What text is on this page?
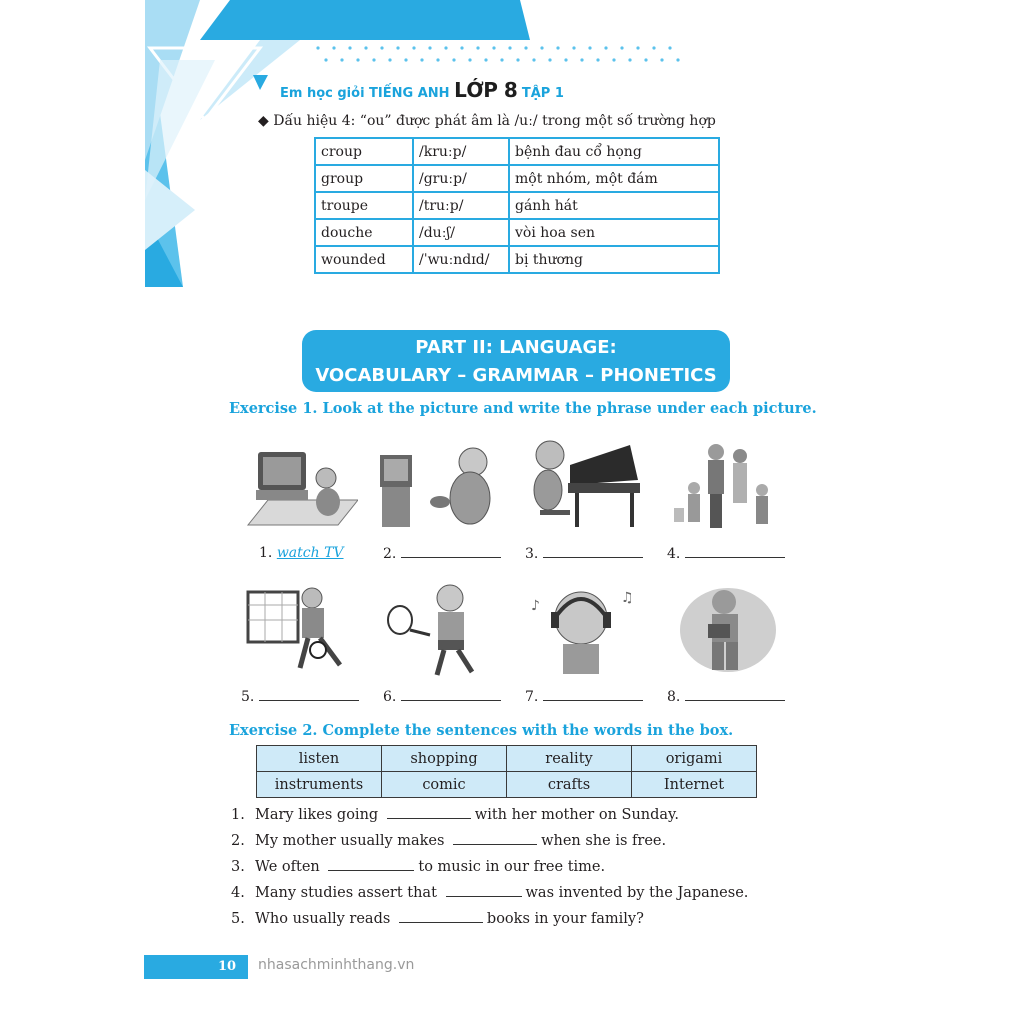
Em học giỏi TIẾNG ANH LỚP 8 TẬP 1
◆ Dấu hiệu 4: “ou” được phát âm là /uː/ trong một số trường hợp
croup	/kruːp/	bệnh đau cổ họng
group	/gruːp/	một nhóm, một đám
troupe	/truːp/	gánh hát
douche	/duːʃ/	vòi hoa sen
wounded	/ˈwuːndɪd/	bị thương
PART II: LANGUAGE:
VOCABULARY – GRAMMAR – PHONETICS
Exercise 1. Look at the picture and write the phrase under each picture.
1. watch TV	2.	3.	4.
♪	♫
5.	6.	7.	8.
Exercise 2. Complete the sentences with the words in the box.
listen	shopping	reality	origami
instruments	comic	crafts	Internet
1. Mary likes going	with her mother on Sunday.
2. My mother usually makes	when she is free.
3. We often	to music in our free time.
4. Many studies assert that	was invented by the Japanese.
5. Who usually reads	books in your family?
10 nhasachminhthang.vn
